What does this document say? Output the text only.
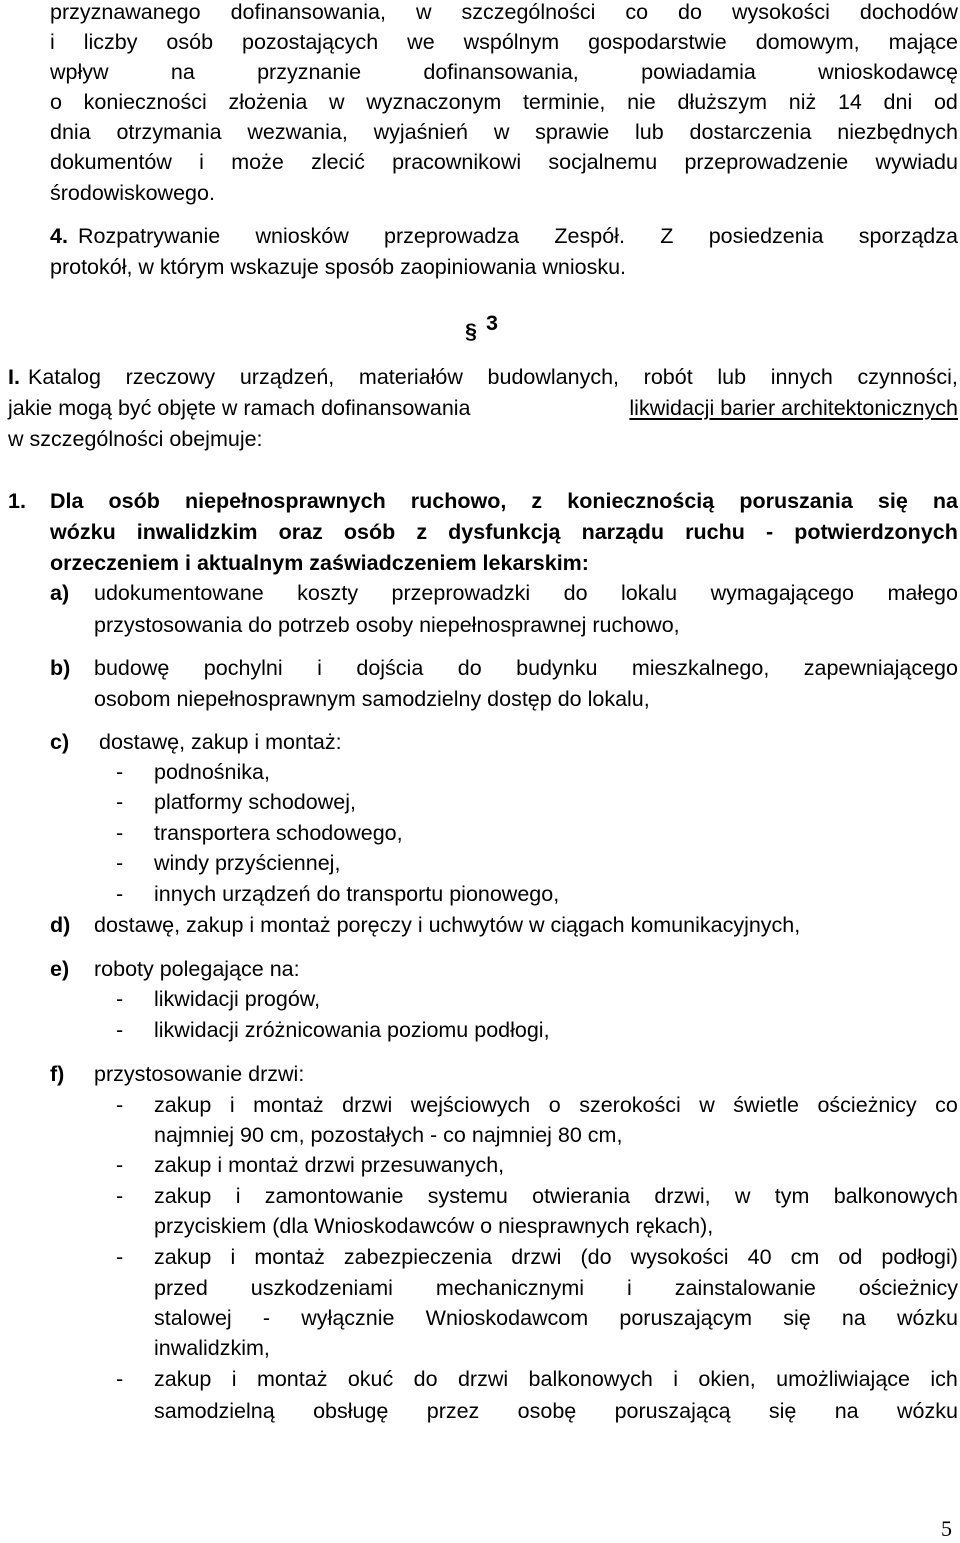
przyznawanego dofinansowania, w szczególności co do wysokości dochodów
i liczby osób pozostających we wspólnym gospodarstwie domowym, mające
wpływ	na	przyznanie	dofinansowania,	powiadamia	wnioskodawcę
o konieczności złożenia w wyznaczonym terminie, nie dłuższym niż 14 dni od
dnia otrzymania wezwania, wyjaśnień w sprawie lub dostarczenia niezbędnych
dokumentów i może zlecić pracownikowi socjalnemu przeprowadzenie wywiadu
środowiskowego.
4. Rozpatrywanie wniosków przeprowadza Zespół. Z posiedzenia sporządza
protokół, w którym wskazuje sposób zaopiniowania wniosku.
§ 3
I. Katalog rzeczowy urządzeń, materiałów budowlanych, robót lub innych czynności,
jakie mogą być objęte w ramach dofinansowania	likwidacji barier architektonicznych
w szczególności obejmuje:
1. Dla osób niepełnosprawnych ruchowo, z koniecznością poruszania się na
wózku inwalidzkim oraz osób z dysfunkcją narządu ruchu - potwierdzonych
orzeczeniem i aktualnym zaświadczeniem lekarskim:
a) udokumentowane koszty przeprowadzki do lokalu wymagającego małego
przystosowania do potrzeb osoby niepełnosprawnej ruchowo,
b) budowę pochylni i dojścia do budynku mieszkalnego, zapewniającego
osobom niepełnosprawnym samodzielny dostęp do lokalu,
c) dostawę, zakup i montaż:
- podnośnika,
- platformy schodowej,
- transportera schodowego,
- windy przyściennej,
- innych urządzeń do transportu pionowego,
d) dostawę, zakup i montaż poręczy i uchwytów w ciągach komunikacyjnych,
e) roboty polegające na:
- likwidacji progów,
- likwidacji zróżnicowania poziomu podłogi,
f) przystosowanie drzwi:
- zakup i montaż drzwi wejściowych o szerokości w świetle ościeżnicy co
najmniej 90 cm, pozostałych - co najmniej 80 cm,
- zakup i montaż drzwi przesuwanych,
- zakup i zamontowanie systemu otwierania drzwi, w tym balkonowych
przyciskiem (dla Wnioskodawców o niesprawnych rękach),
- zakup i montaż zabezpieczenia drzwi (do wysokości 40 cm od podłogi)
przed uszkodzeniami mechanicznymi i zainstalowanie ościeżnicy
stalowej - wyłącznie Wnioskodawcom poruszającym się na wózku
inwalidzkim,
- zakup i montaż okuć do drzwi balkonowych i okien, umożliwiające ich
samodzielną obsługę przez osobę poruszającą się na wózku
5
